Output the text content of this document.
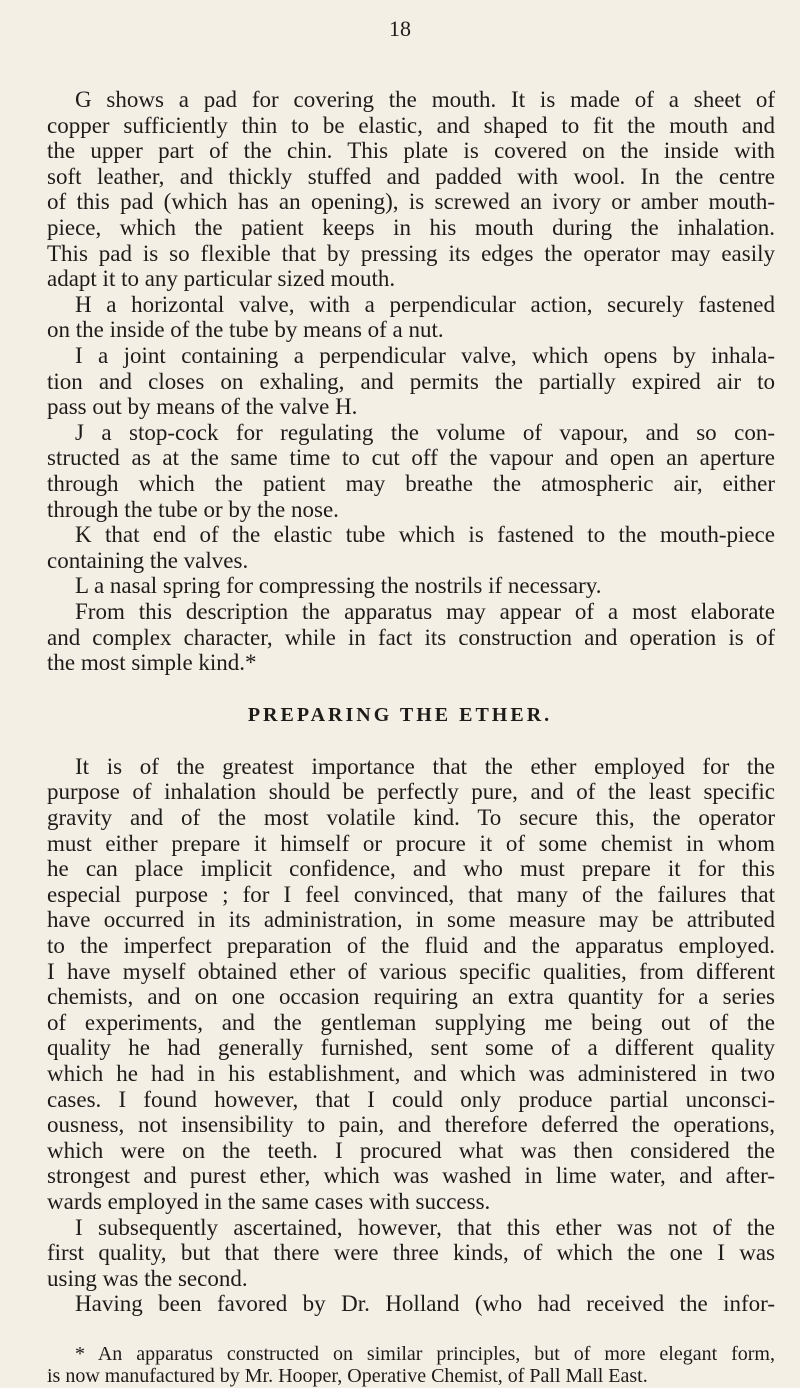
18
G shows a pad for covering the mouth. It is made of a sheet of
copper sufficiently thin to be elastic, and shaped to fit the mouth and
the upper part of the chin. This plate is covered on the inside with
soft leather, and thickly stuffed and padded with wool. In the centre
of this pad (which has an opening), is screwed an ivory or amber mouth-
piece, which the patient keeps in his mouth during the inhalation.
This pad is so flexible that by pressing its edges the operator may easily
adapt it to any particular sized mouth.
H a horizontal valve, with a perpendicular action, securely fastened
on the inside of the tube by means of a nut.
I a joint containing a perpendicular valve, which opens by inhala-
tion and closes on exhaling, and permits the partially expired air to
pass out by means of the valve H.
J a stop-cock for regulating the volume of vapour, and so con-
structed as at the same time to cut off the vapour and open an aperture
through which the patient may breathe the atmospheric air, either
through the tube or by the nose.
K that end of the elastic tube which is fastened to the mouth-piece
containing the valves.
L a nasal spring for compressing the nostrils if necessary.
From this description the apparatus may appear of a most elaborate
and complex character, while in fact its construction and operation is of
the most simple kind.*
PREPARING THE ETHER.
It is of the greatest importance that the ether employed for the
purpose of inhalation should be perfectly pure, and of the least specific
gravity and of the most volatile kind. To secure this, the operator
must either prepare it himself or procure it of some chemist in whom
he can place implicit confidence, and who must prepare it for this
especial purpose ; for I feel convinced, that many of the failures that
have occurred in its administration, in some measure may be attributed
to the imperfect preparation of the fluid and the apparatus employed.
I have myself obtained ether of various specific qualities, from different
chemists, and on one occasion requiring an extra quantity for a series
of experiments, and the gentleman supplying me being out of the
quality he had generally furnished, sent some of a different quality
which he had in his establishment, and which was administered in two
cases. I found however, that I could only produce partial unconsci-
ousness, not insensibility to pain, and therefore deferred the operations,
which were on the teeth. I procured what was then considered the
strongest and purest ether, which was washed in lime water, and after-
wards employed in the same cases with success.
I subsequently ascertained, however, that this ether was not of the
first quality, but that there were three kinds, of which the one I was
using was the second.
Having been favored by Dr. Holland (who had received the infor-
* An apparatus constructed on similar principles, but of more elegant form,
is now manufactured by Mr. Hooper, Operative Chemist, of Pall Mall East.
